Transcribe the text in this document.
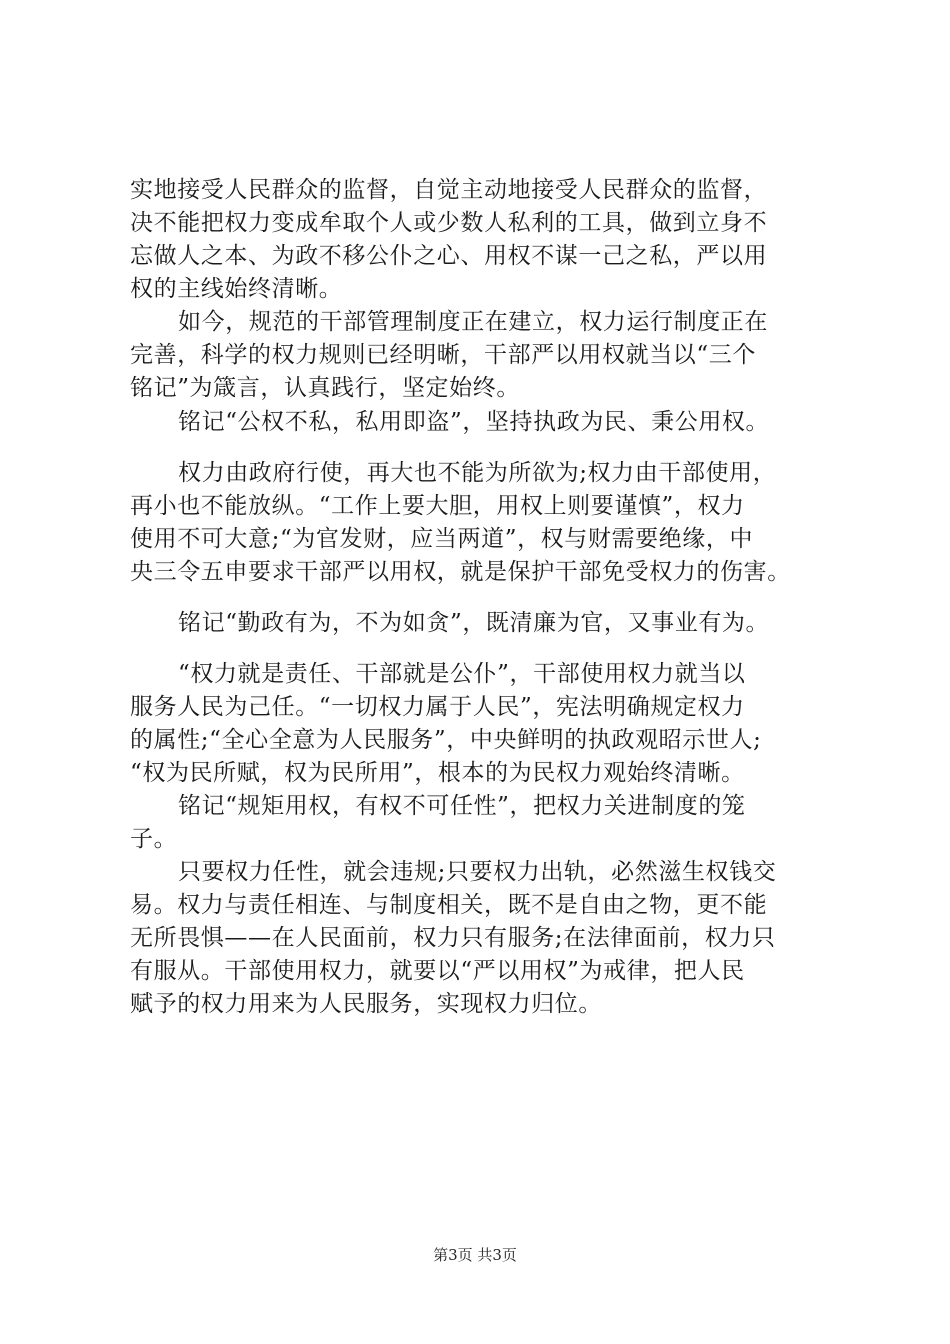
实地接受人民群众的监督，自觉主动地接受人民群众的监督，
决不能把权力变成牟取个人或少数人私利的工具，做到立身不
忘做人之本、为政不移公仆之心、用权不谋一己之私，严以用
权的主线始终清晰。
如今，规范的干部管理制度正在建立，权力运行制度正在
完善，科学的权力规则已经明晰，干部严以用权就当以“三个
铭记”为箴言，认真践行，坚定始终。
铭记“公权不私，私用即盗”，坚持执政为民、秉公用权。
权力由政府行使，再大也不能为所欲为;权力由干部使用，
再小也不能放纵。“工作上要大胆，用权上则要谨慎”，权力
使用不可大意;“为官发财，应当两道”，权与财需要绝缘，中
央三令五申要求干部严以用权，就是保护干部免受权力的伤害。
铭记“勤政有为，不为如贪”，既清廉为官，又事业有为。
“权力就是责任、干部就是公仆”，干部使用权力就当以
服务人民为己任。“一切权力属于人民”，宪法明确规定权力
的属性;“全心全意为人民服务”，中央鲜明的执政观昭示世人;
“权为民所赋，权为民所用”，根本的为民权力观始终清晰。
铭记“规矩用权，有权不可任性”，把权力关进制度的笼
子。
只要权力任性，就会违规;只要权力出轨，必然滋生权钱交
易。权力与责任相连、与制度相关，既不是自由之物，更不能
无所畏惧——在人民面前，权力只有服务;在法律面前，权力只
有服从。干部使用权力，就要以“严以用权”为戒律，把人民
赋予的权力用来为人民服务，实现权力归位。
第3页 共3页
